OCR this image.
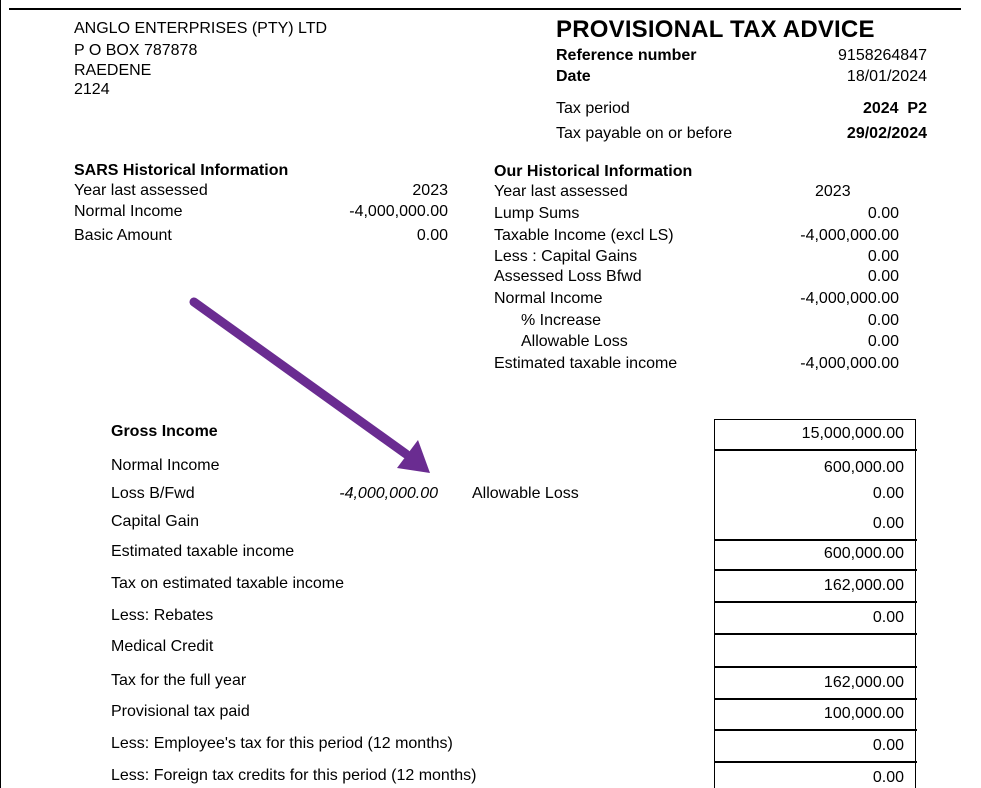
ANGLO ENTERPRISES (PTY) LTD
P O BOX 787878
RAEDENE
2124
PROVISIONAL TAX ADVICE
Reference number	9158264847
Date	18/01/2024
Tax period	2024  P2
Tax payable on or before	29/02/2024
SARS Historical Information
Year last assessed	2023
Normal Income	-4,000,000.00
Basic Amount	0.00
Our Historical Information
Year last assessed	2023
Lump Sums	0.00
Taxable Income (excl LS)	-4,000,000.00
Less : Capital Gains	0.00
Assessed Loss Bfwd	0.00
Normal Income	-4,000,000.00
% Increase	0.00
Allowable Loss	0.00
Estimated taxable income	-4,000,000.00
Gross Income	15,000,000.00
Normal Income	600,000.00
Loss B/Fwd	-4,000,000.00 Allowable Loss	0.00
Capital Gain	0.00
Estimated taxable income	600,000.00
Tax on estimated taxable income	162,000.00
Less: Rebates	0.00
Medical Credit
Tax for the full year	162,000.00
Provisional tax paid	100,000.00
Less: Employee's tax for this period (12 months)	0.00
Less: Foreign tax credits for this period (12 months)	0.00
